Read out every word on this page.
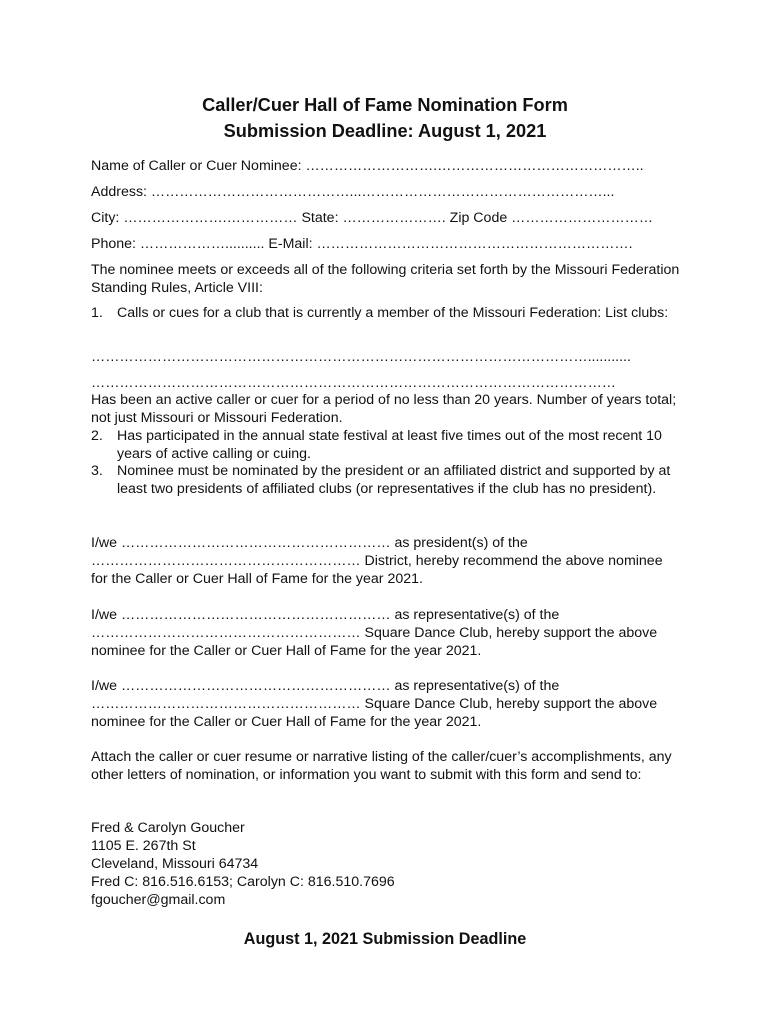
Caller/Cuer Hall of Fame Nomination Form
Submission Deadline: August 1, 2021
Name of Caller or Cuer Nominee: ……………………….……………………………………..
Address: ……………………………………...……………………………………………...
City: ………………….…………… State: …………………. Zip Code …………………………
Phone: ……………….......... E-Mail: ………………………………………………………….

The nominee meets or exceeds all of the following criteria set forth by the Missouri Federation Standing Rules, Article VIII:

1. Calls or cues for a club that is currently a member of the Missouri Federation: List clubs:
……………………………………………………………………………………………...........
…………………………………………………………………………………………………

Has been an active caller or cuer for a period of no less than 20 years. Number of years total; not just Missouri or Missouri Federation.

2. Has participated in the annual state festival at least five times out of the most recent 10 years of active calling or cuing.
3. Nominee must be nominated by the president or an affiliated district and supported by at least two presidents of affiliated clubs (or representatives if the club has no president).

I/we ………………………………………………… as president(s) of the ………………………………………………… District, hereby recommend the above nominee for the Caller or Cuer Hall of Fame for the year 2021.

I/we ………………………………………………… as representative(s) of the ………………………………………………… Square Dance Club, hereby support the above nominee for the Caller or Cuer Hall of Fame for the year 2021.

I/we ………………………………………………… as representative(s) of the ………………………………………………… Square Dance Club, hereby support the above nominee for the Caller or Cuer Hall of Fame for the year 2021.

Attach the caller or cuer resume or narrative listing of the caller/cuer’s accomplishments, any other letters of nomination, or information you want to submit with this form and send to:

Fred & Carolyn Goucher

1105 E. 267th St

Cleveland, Missouri 64734

Fred C: 816.516.6153; Carolyn C: 816.510.7696

fgoucher@gmail.com

August 1, 2021 Submission Deadline
